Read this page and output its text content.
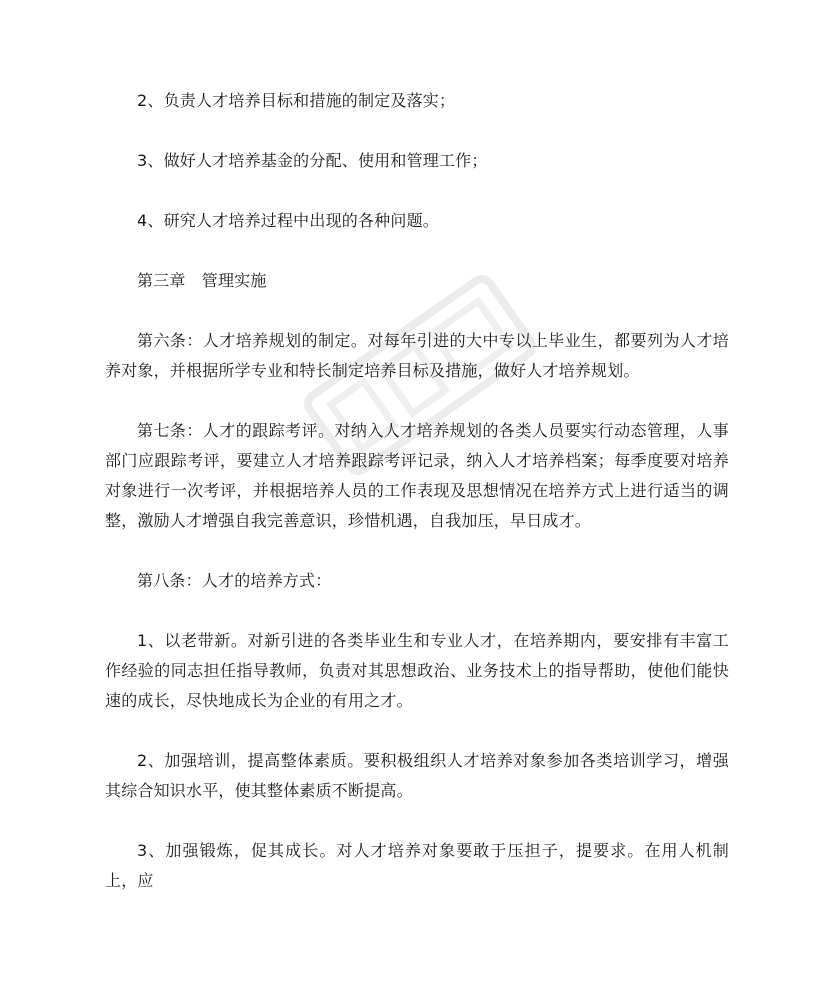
2、负责人才培养目标和措施的制定及落实；

3、做好人才培养基金的分配、使用和管理工作；

4、研究人才培养过程中出现的各种问题。

第三章　管理实施

第六条：人才培养规划的制定。对每年引进的大中专以上毕业生，都要列为人才培养对象，并根据所学专业和特长制定培养目标及措施，做好人才培养规划。

第七条：人才的跟踪考评。对纳入人才培养规划的各类人员要实行动态管理，人事部门应跟踪考评，要建立人才培养跟踪考评记录，纳入人才培养档案；每季度要对培养对象进行一次考评，并根据培养人员的工作表现及思想情况在培养方式上进行适当的调整，激励人才增强自我完善意识，珍惜机遇，自我加压，早日成才。

第八条：人才的培养方式：

1、以老带新。对新引进的各类毕业生和专业人才，在培养期内，要安排有丰富工作经验的同志担任指导教师，负责对其思想政治、业务技术上的指导帮助，使他们能快速的成长，尽快地成长为企业的有用之才。

2、加强培训，提高整体素质。要积极组织人才培养对象参加各类培训学习，增强其综合知识水平，使其整体素质不断提高。

3、加强锻炼，促其成长。对人才培养对象要敢于压担子，提要求。在用人机制上，应
